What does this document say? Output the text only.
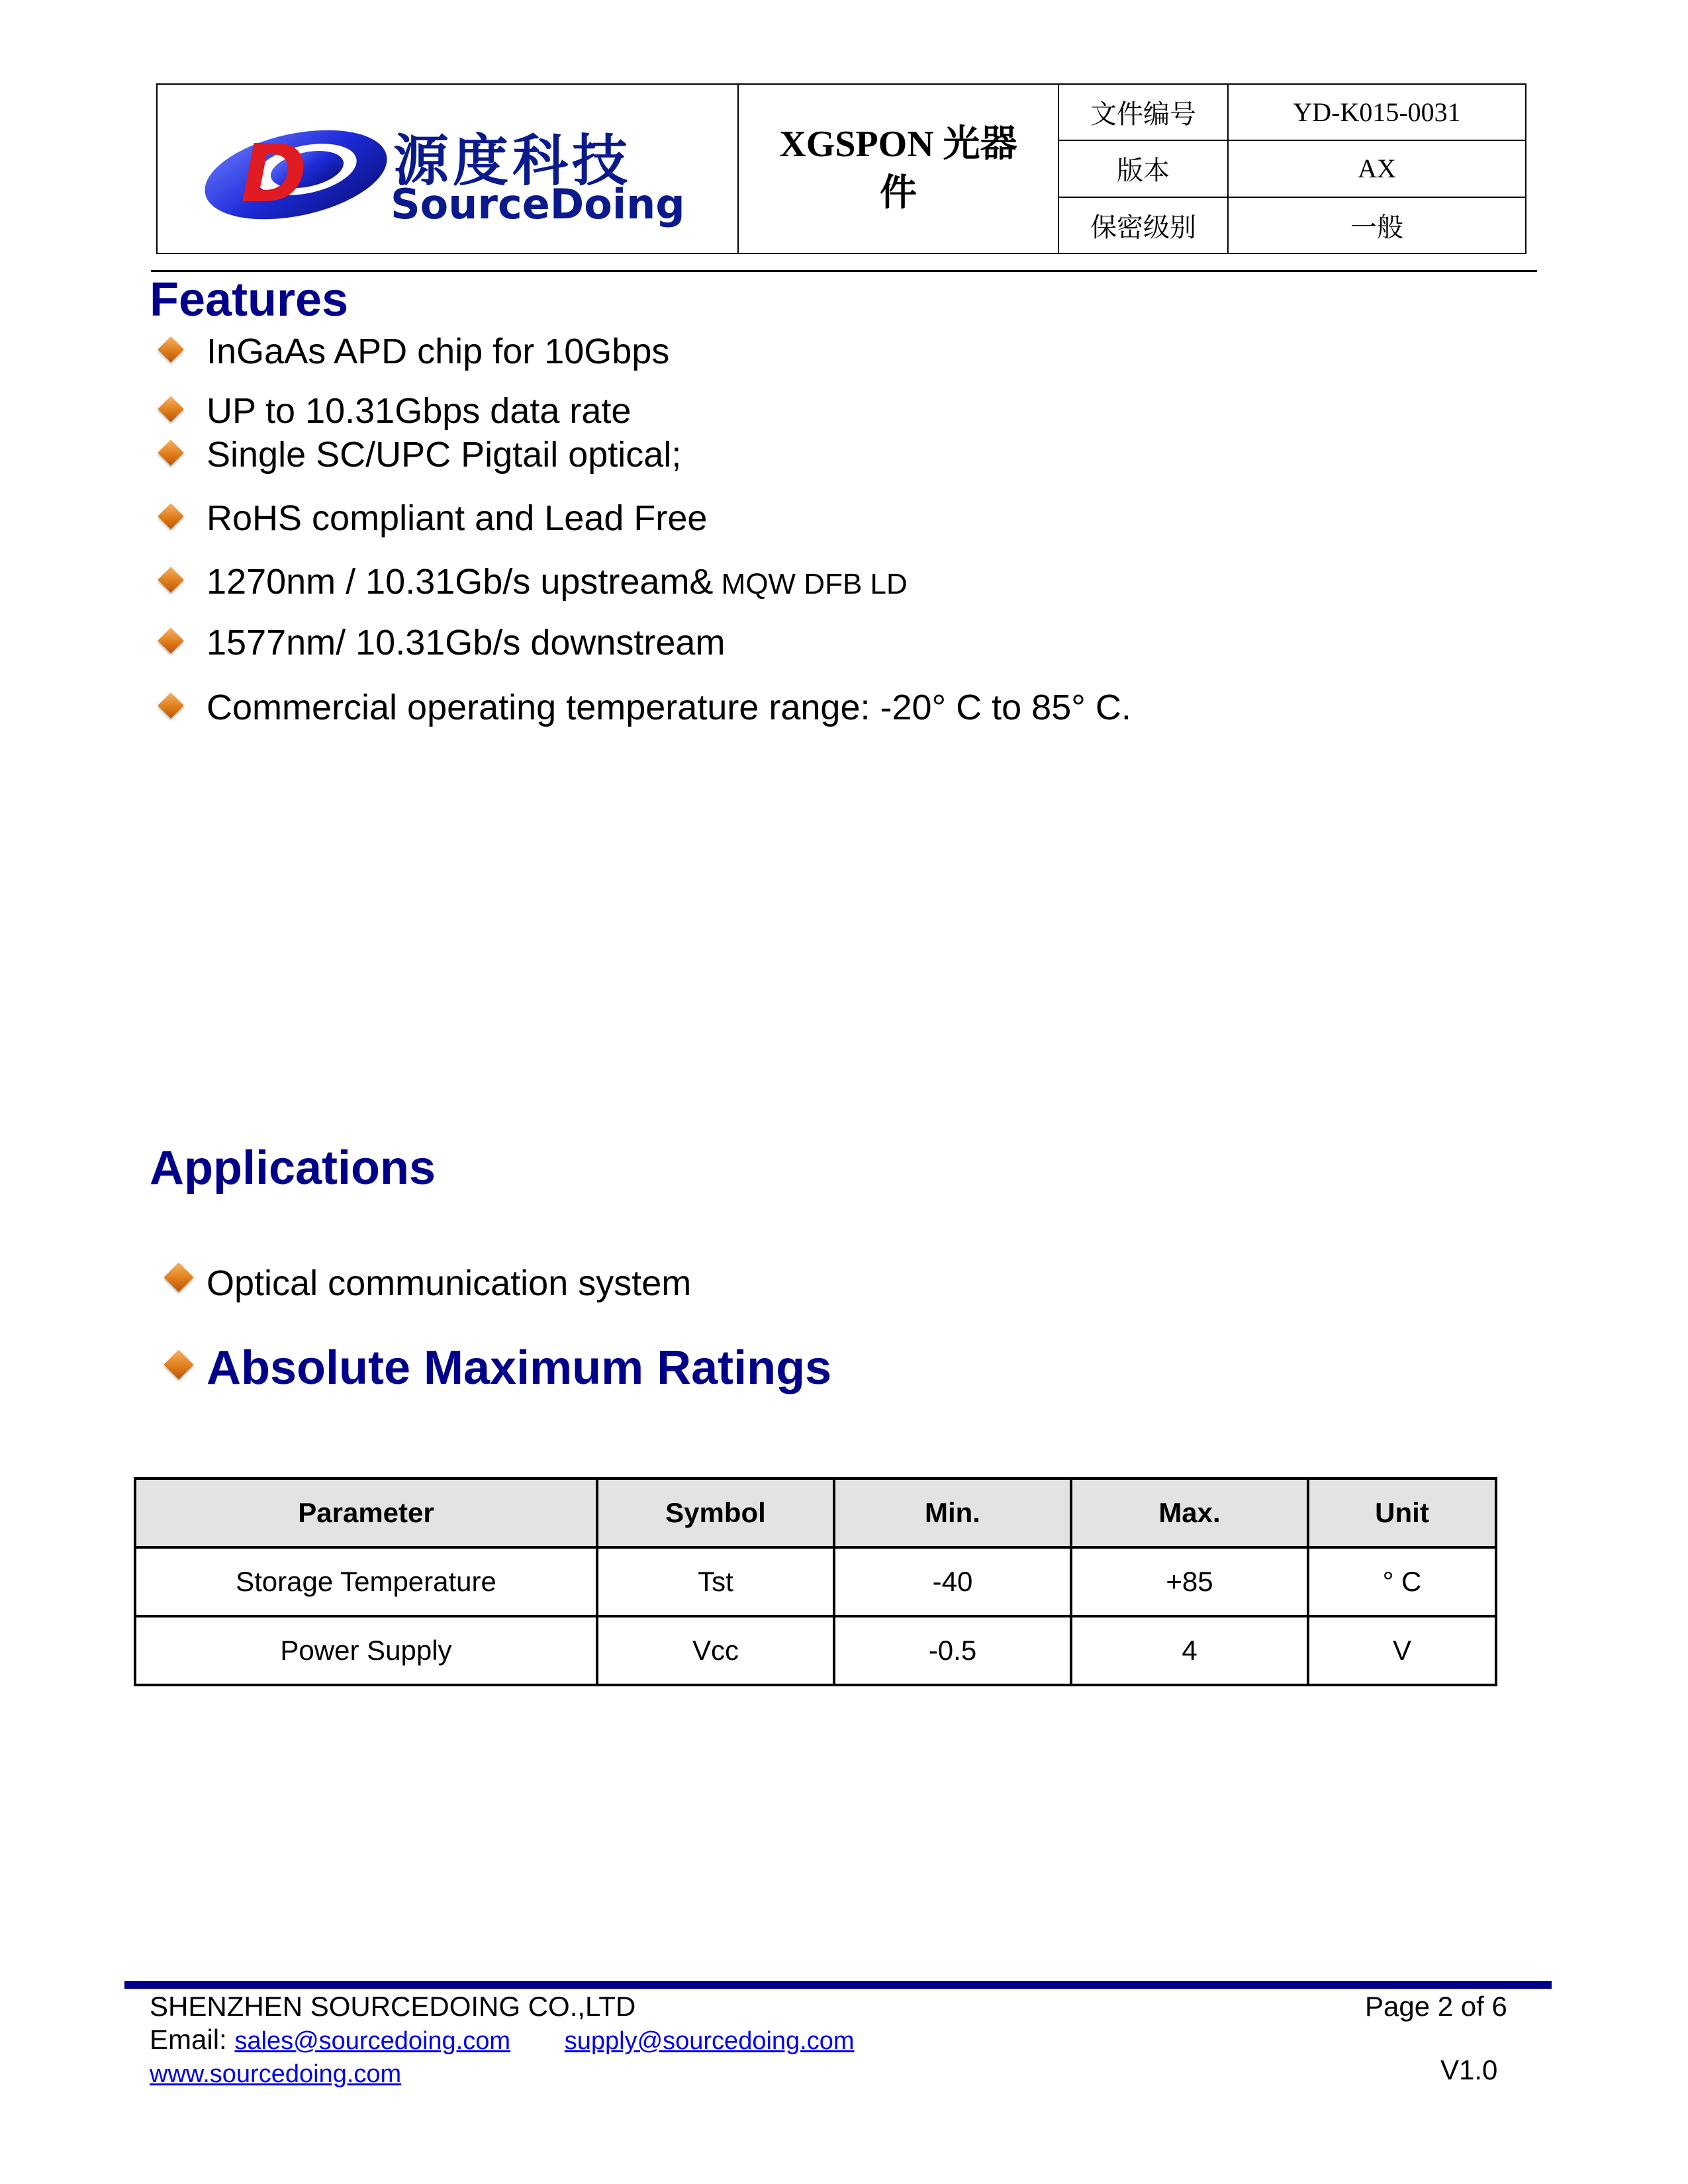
D 源度科技
SourceDoing	XGSPON 光器件	文件编号	YD-K015-0031
		版本	AX
		保密级别	一般
Features
InGaAs APD chip for 10Gbps
UP to 10.31Gbps data rate
Single SC/UPC Pigtail optical;
RoHS compliant and Lead Free
1270nm / 10.31Gb/s upstream& MQW DFB LD
1577nm/ 10.31Gb/s downstream
Commercial operating temperature range: -20° C to 85° C.
Applications
Optical communication system
Absolute Maximum Ratings
Parameter	Symbol	Min.	Max.	Unit
Storage Temperature	Tst	-40	+85	° C
Power Supply	Vcc	-0.5	4	V
SHENZHEN SOURCEDOING CO.,LTD	Page 2 of 6
Email: sales@sourcedoing.com supply@sourcedoing.com
www.sourcedoing.com	V1.0
